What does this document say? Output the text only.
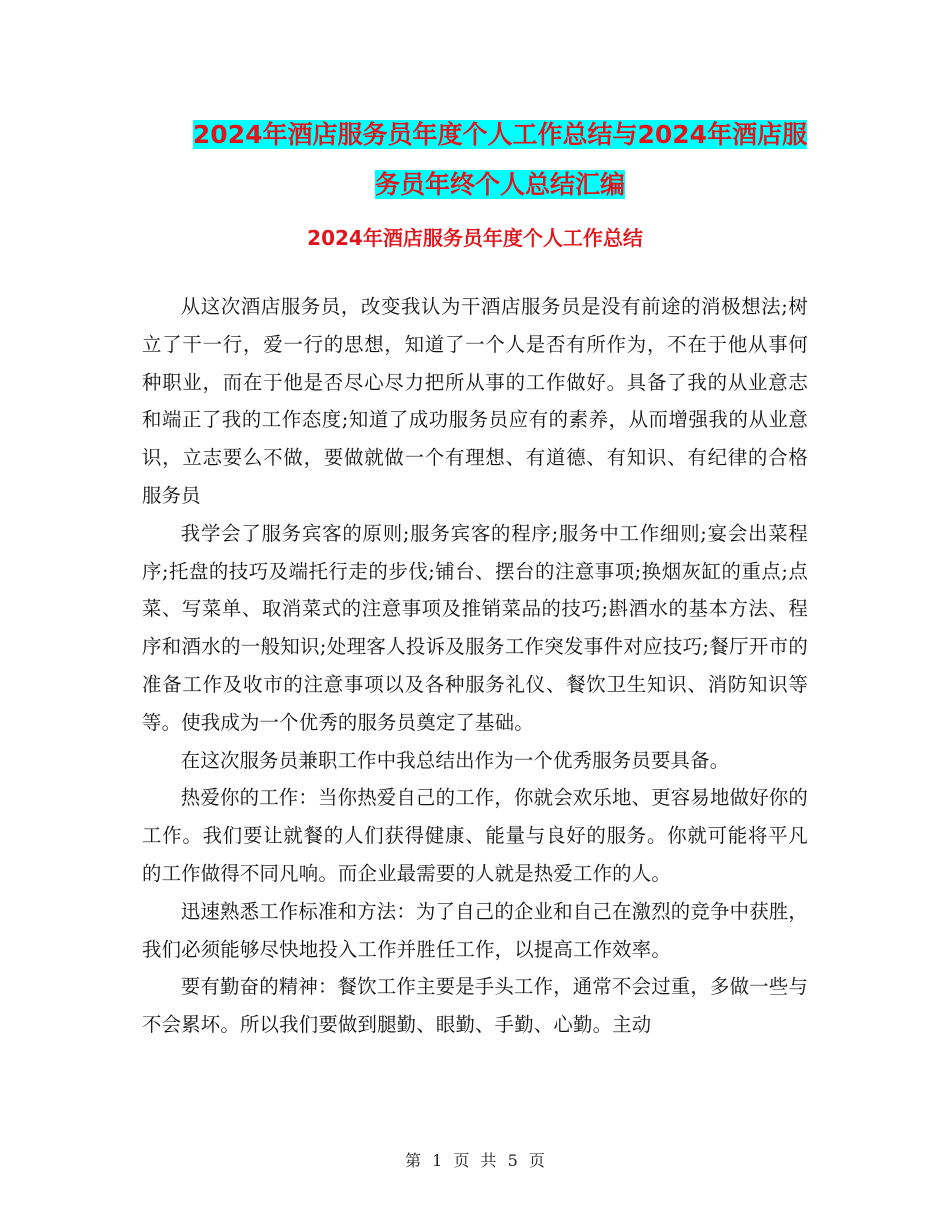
2024年酒店服务员年度个人工作总结与2024年酒店服
务员年终个人总结汇编
2024年酒店服务员年度个人工作总结

从这次酒店服务员，改变我认为干酒店服务员是没有前途的消极想法;树立了干一行，爱一行的思想，知道了一个人是否有所作为，不在于他从事何种职业，而在于他是否尽心尽力把所从事的工作做好。具备了我的从业意志和端正了我的工作态度;知道了成功服务员应有的素养，从而增强我的从业意识，立志要么不做，要做就做一个有理想、有道德、有知识、有纪律的合格服务员

我学会了服务宾客的原则;服务宾客的程序;服务中工作细则;宴会出菜程序;托盘的技巧及端托行走的步伐;铺台、摆台的注意事项;换烟灰缸的重点;点菜、写菜单、取消菜式的注意事项及推销菜品的技巧;斟酒水的基本方法、程序和酒水的一般知识;处理客人投诉及服务工作突发事件对应技巧;餐厅开市的准备工作及收市的注意事项以及各种服务礼仪、餐饮卫生知识、消防知识等等。使我成为一个优秀的服务员奠定了基础。

在这次服务员兼职工作中我总结出作为一个优秀服务员要具备。

热爱你的工作：当你热爱自己的工作，你就会欢乐地、更容易地做好你的工作。我们要让就餐的人们获得健康、能量与良好的服务。你就可能将平凡的工作做得不同凡响。而企业最需要的人就是热爱工作的人。

迅速熟悉工作标准和方法：为了自己的企业和自己在激烈的竞争中获胜，我们必须能够尽快地投入工作并胜任工作，以提高工作效率。

要有勤奋的精神：餐饮工作主要是手头工作，通常不会过重，多做一些与不会累坏。所以我们要做到腿勤、眼勤、手勤、心勤。主动

第 1 页 共 5 页
